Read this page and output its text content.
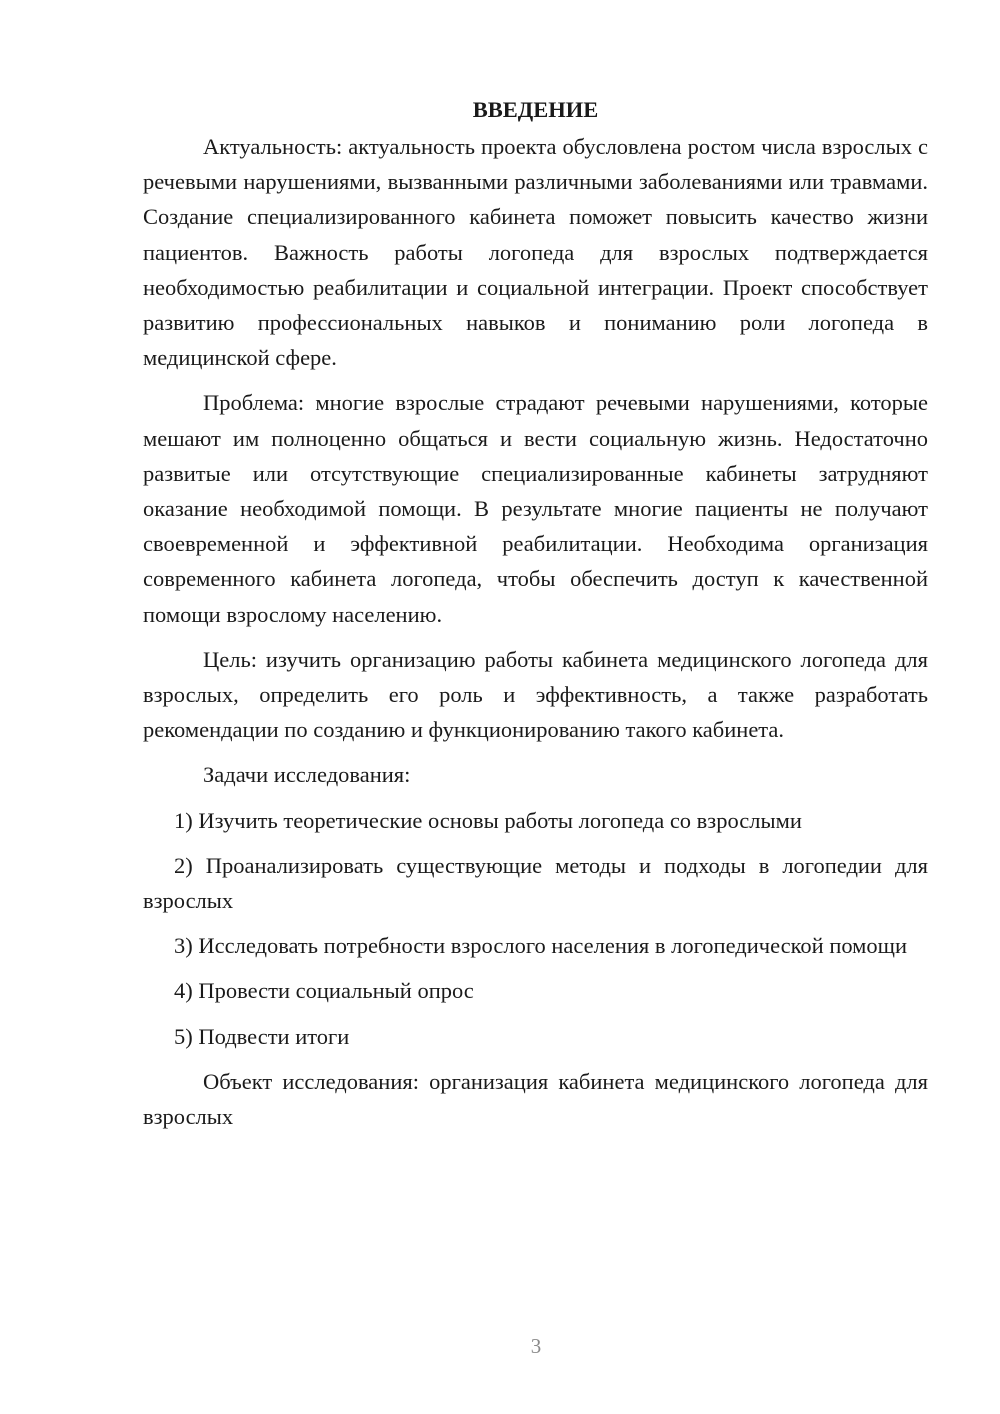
ВВЕДЕНИЕ

Актуальность: актуальность проекта обусловлена ростом числа взрослых с речевыми нарушениями, вызванными различными заболеваниями или травмами. Создание специализированного кабинета поможет повысить качество жизни пациентов. Важность работы логопеда для взрослых подтверждается необходимостью реабилитации и социальной интеграции. Проект способствует развитию профессиональных навыков и пониманию роли логопеда в медицинской сфере.

Проблема: многие взрослые страдают речевыми нарушениями, которые мешают им полноценно общаться и вести социальную жизнь. Недостаточно развитые или отсутствующие специализированные кабинеты затрудняют оказание необходимой помощи. В результате многие пациенты не получают своевременной и эффективной реабилитации. Необходима организация современного кабинета логопеда, чтобы обеспечить доступ к качественной помощи взрослому населению.

Цель: изучить организацию работы кабинета медицинского логопеда для взрослых, определить его роль и эффективность, а также разработать рекомендации по созданию и функционированию такого кабинета.

Задачи исследования:

1) Изучить теоретические основы работы логопеда со взрослыми

2) Проанализировать существующие методы и подходы в логопедии для взрослых

3) Исследовать потребности взрослого населения в логопедической помощи

4) Провести социальный опрос

5) Подвести итоги

Объект исследования: организация кабинета медицинского логопеда для взрослых

3
